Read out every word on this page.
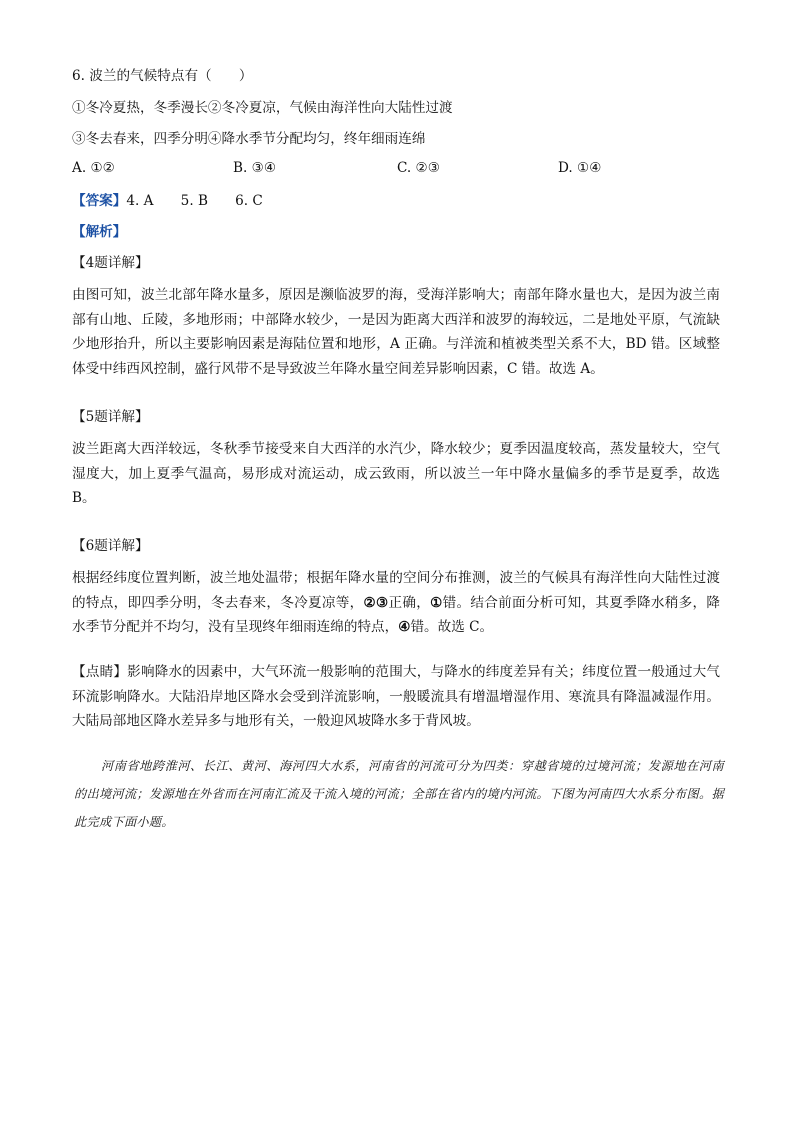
6. 波兰的气候特点有（　　）
①冬冷夏热，冬季漫长②冬冷夏凉，气候由海洋性向大陆性过渡
③冬去春来，四季分明④降水季节分配均匀，终年细雨连绵
A. ①②	B. ③④	C. ②③	D. ①④
【答案】4. A　　5. B　　6. C
【解析】
【4题详解】
由图可知，波兰北部年降水量多，原因是濒临波罗的海，受海洋影响大；南部年降水量也大，是因为波兰南部有山地、丘陵，多地形雨；中部降水较少，一是因为距离大西洋和波罗的海较远，二是地处平原，气流缺少地形抬升，所以主要影响因素是海陆位置和地形，A 正确。与洋流和植被类型关系不大，BD 错。区域整体受中纬西风控制，盛行风带不是导致波兰年降水量空间差异影响因素，C 错。故选 A。
【5题详解】
波兰距离大西洋较远，冬秋季节接受来自大西洋的水汽少，降水较少；夏季因温度较高，蒸发量较大，空气湿度大，加上夏季气温高，易形成对流运动，成云致雨，所以波兰一年中降水量偏多的季节是夏季，故选 B。
【6题详解】
根据经纬度位置判断，波兰地处温带；根据年降水量的空间分布推测，波兰的气候具有海洋性向大陆性过渡的特点，即四季分明，冬去春来，冬冷夏凉等，②③正确，①错。结合前面分析可知，其夏季降水稍多，降水季节分配并不均匀，没有呈现终年细雨连绵的特点，④错。故选 C。
【点睛】影响降水的因素中，大气环流一般影响的范围大，与降水的纬度差异有关；纬度位置一般通过大气环流影响降水。大陆沿岸地区降水会受到洋流影响，一般暖流具有增温增湿作用、寒流具有降温减湿作用。大陆局部地区降水差异多与地形有关，一般迎风坡降水多于背风坡。
河南省地跨淮河、长江、黄河、海河四大水系，河南省的河流可分为四类：穿越省境的过境河流；发源地在河南的出境河流；发源地在外省而在河南汇流及干流入境的河流；全部在省内的境内河流。下图为河南四大水系分布图。据此完成下面小题。
